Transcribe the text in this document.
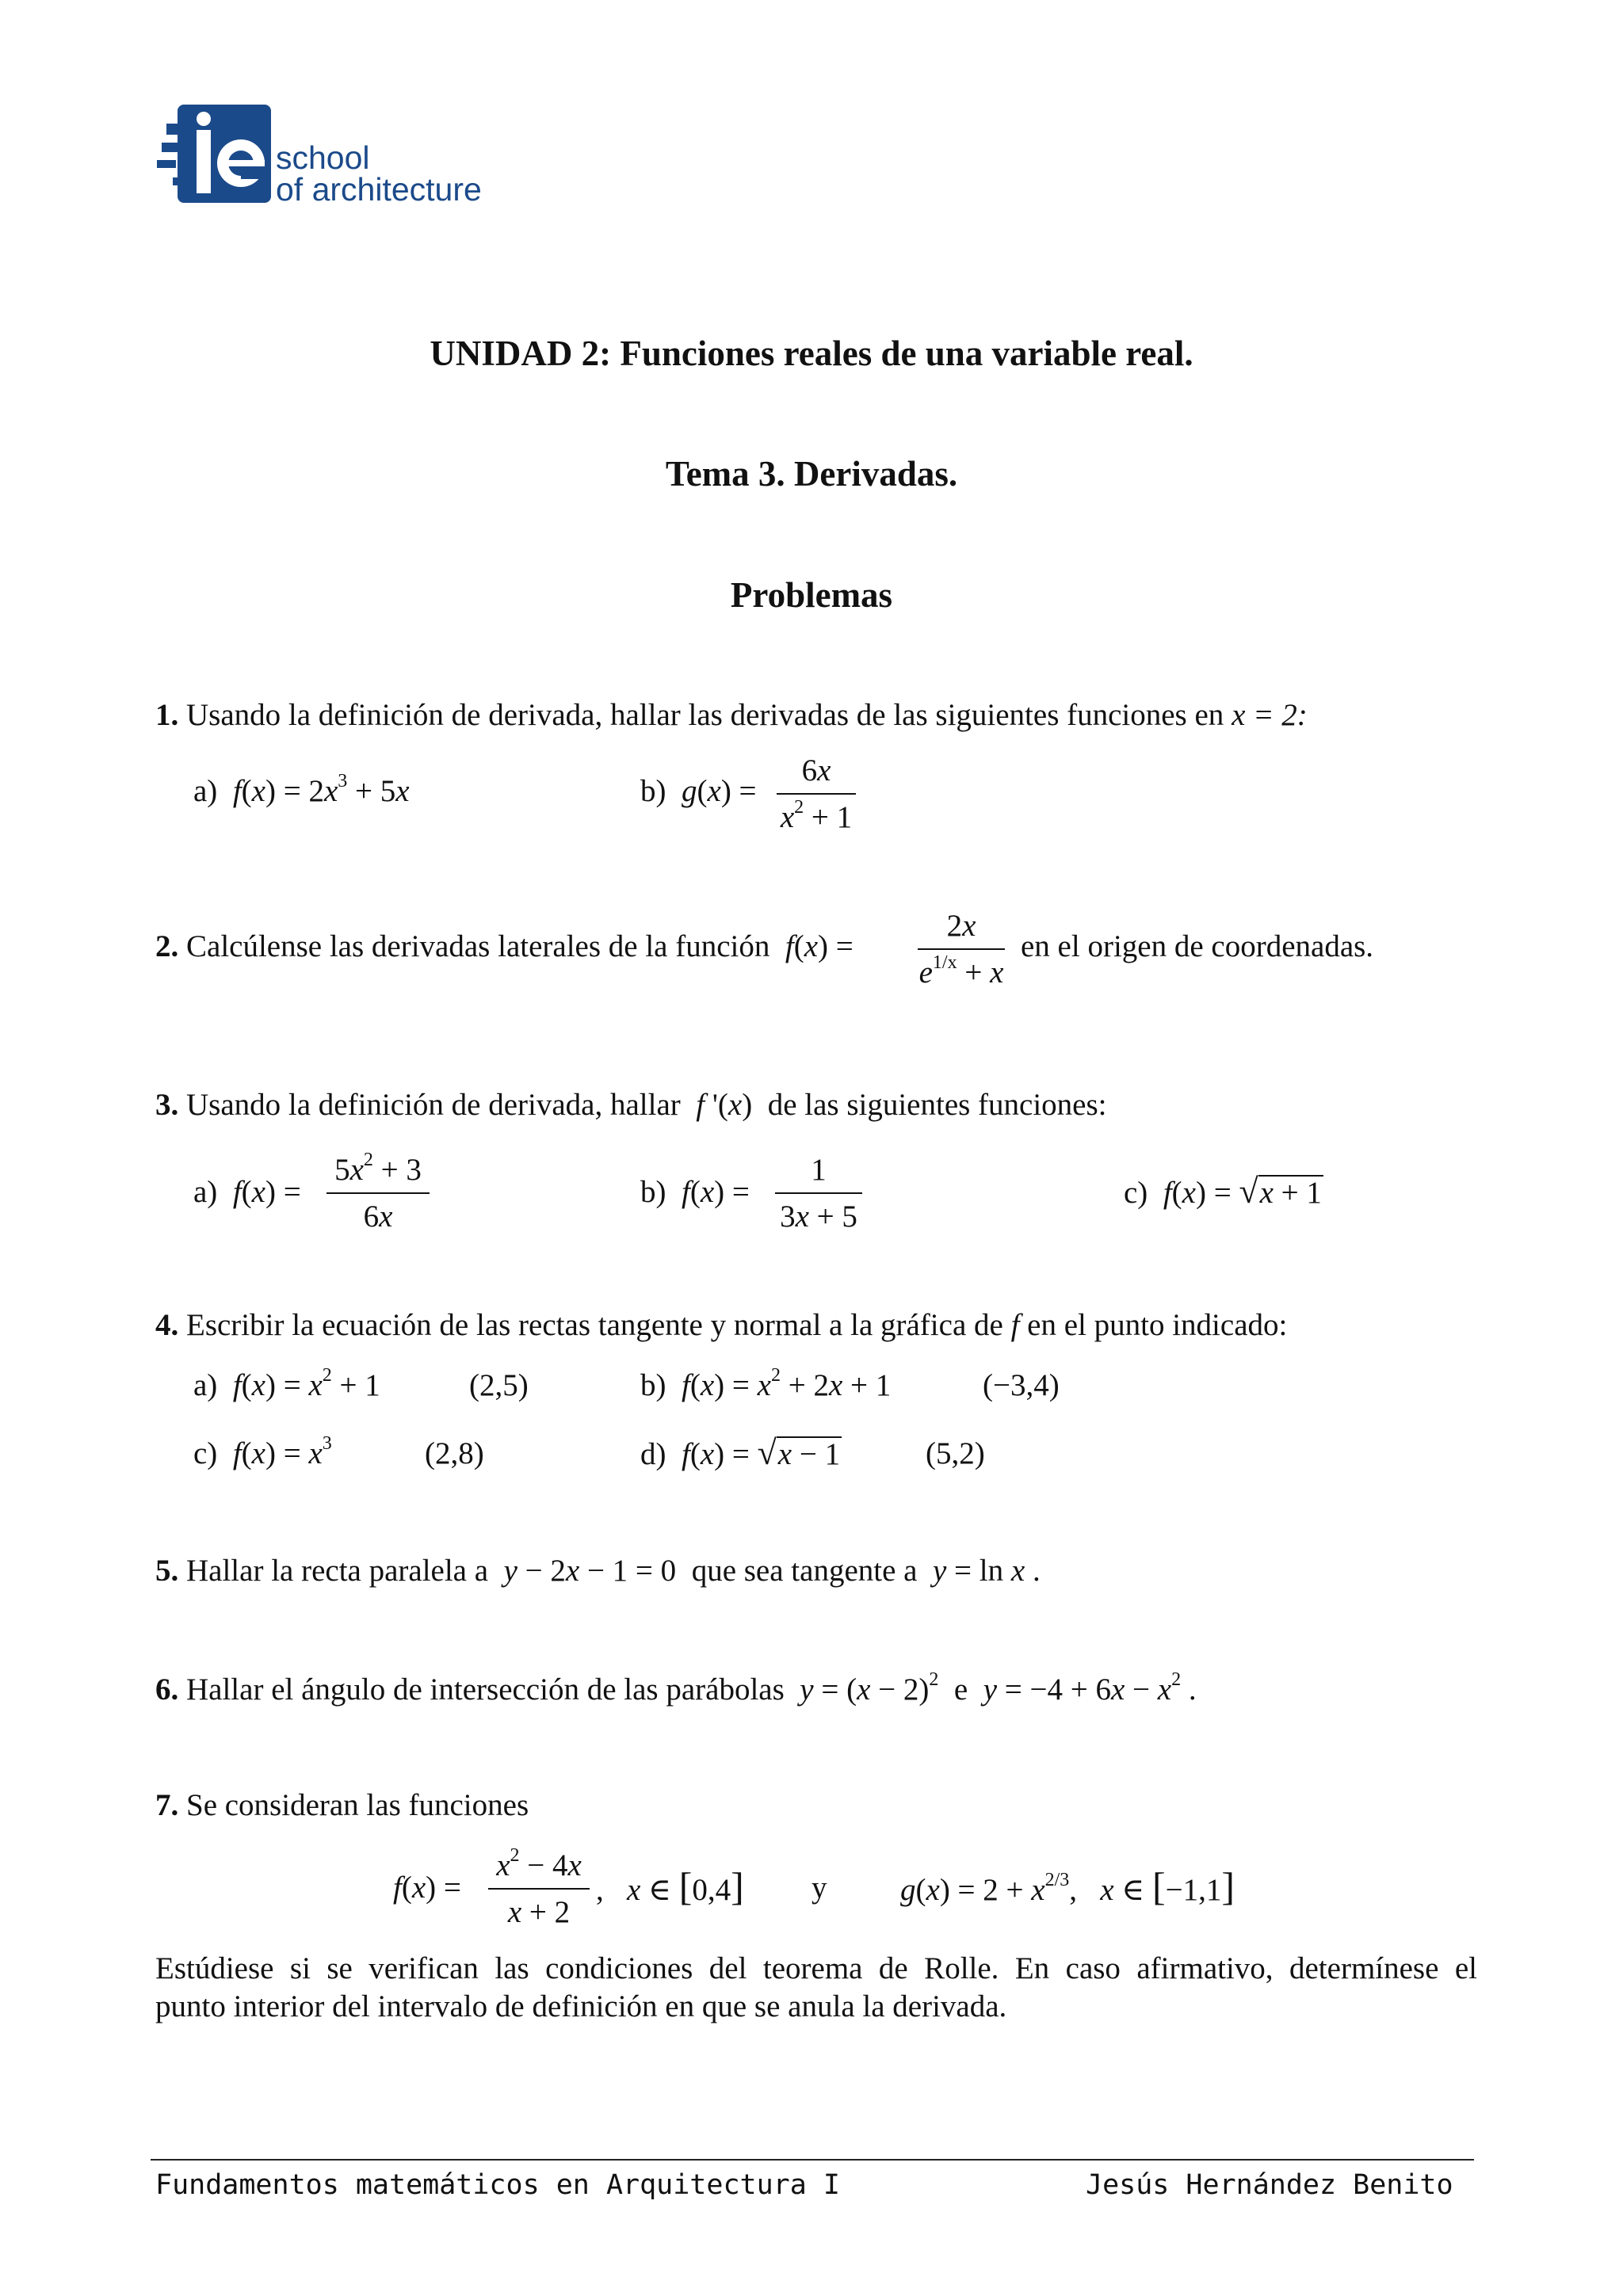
school
of architecture
UNIDAD 2: Funciones reales de una variable real.
Tema 3. Derivadas.
Problemas
1. Usando la definición de derivada, hallar las derivadas de las siguientes funciones en x = 2:
a) $f(x) = 2x^3 + 5x$	b) g(x) =
6x
$x^2 + 1$
2. Calcúlense las derivadas laterales de la función f(x) =
2x
$e^{1/x} + x$
en el origen de coordenadas.
3. Usando la definición de derivada, hallar f '(x)  de las siguientes funciones:
a) f(x) =
$5x^2 + 3$
6x
b) f(x) =
1
3x + 5
c) f(x) = √x + 1
4. Escribir la ecuación de las rectas tangente y normal a la gráfica de f en el punto indicado:
a) $f(x) = x^2 + 1$	(2,5)	b) $f(x) = x^2 + 2x + 1$	(−3,4)
c) $f(x) = x^3$	(2,8)	d) f(x) = √x − 1	(5,2)
5. Hallar la recta paralela a y − 2x − 1 = 0  que sea tangente a y = ln x .
6. Hallar el ángulo de intersección de las parábolas $y = (x - 2)^2$ e $y = -4 + 6x - x^2$ .
7. Se consideran las funciones
f(x) =
$x^2 - 4x$
x + 2
,   x ∈ [0,4] y $g(x) = 2 + x^{2/3}$,   x ∈ [−1,1]
Estúdiese si se verifican las condiciones del teorema de Rolle. En caso afirmativo, determínese el
punto interior del intervalo de definición en que se anula la derivada.
Fundamentos matemáticos en Arquitectura I	Jesús Hernández Benito
